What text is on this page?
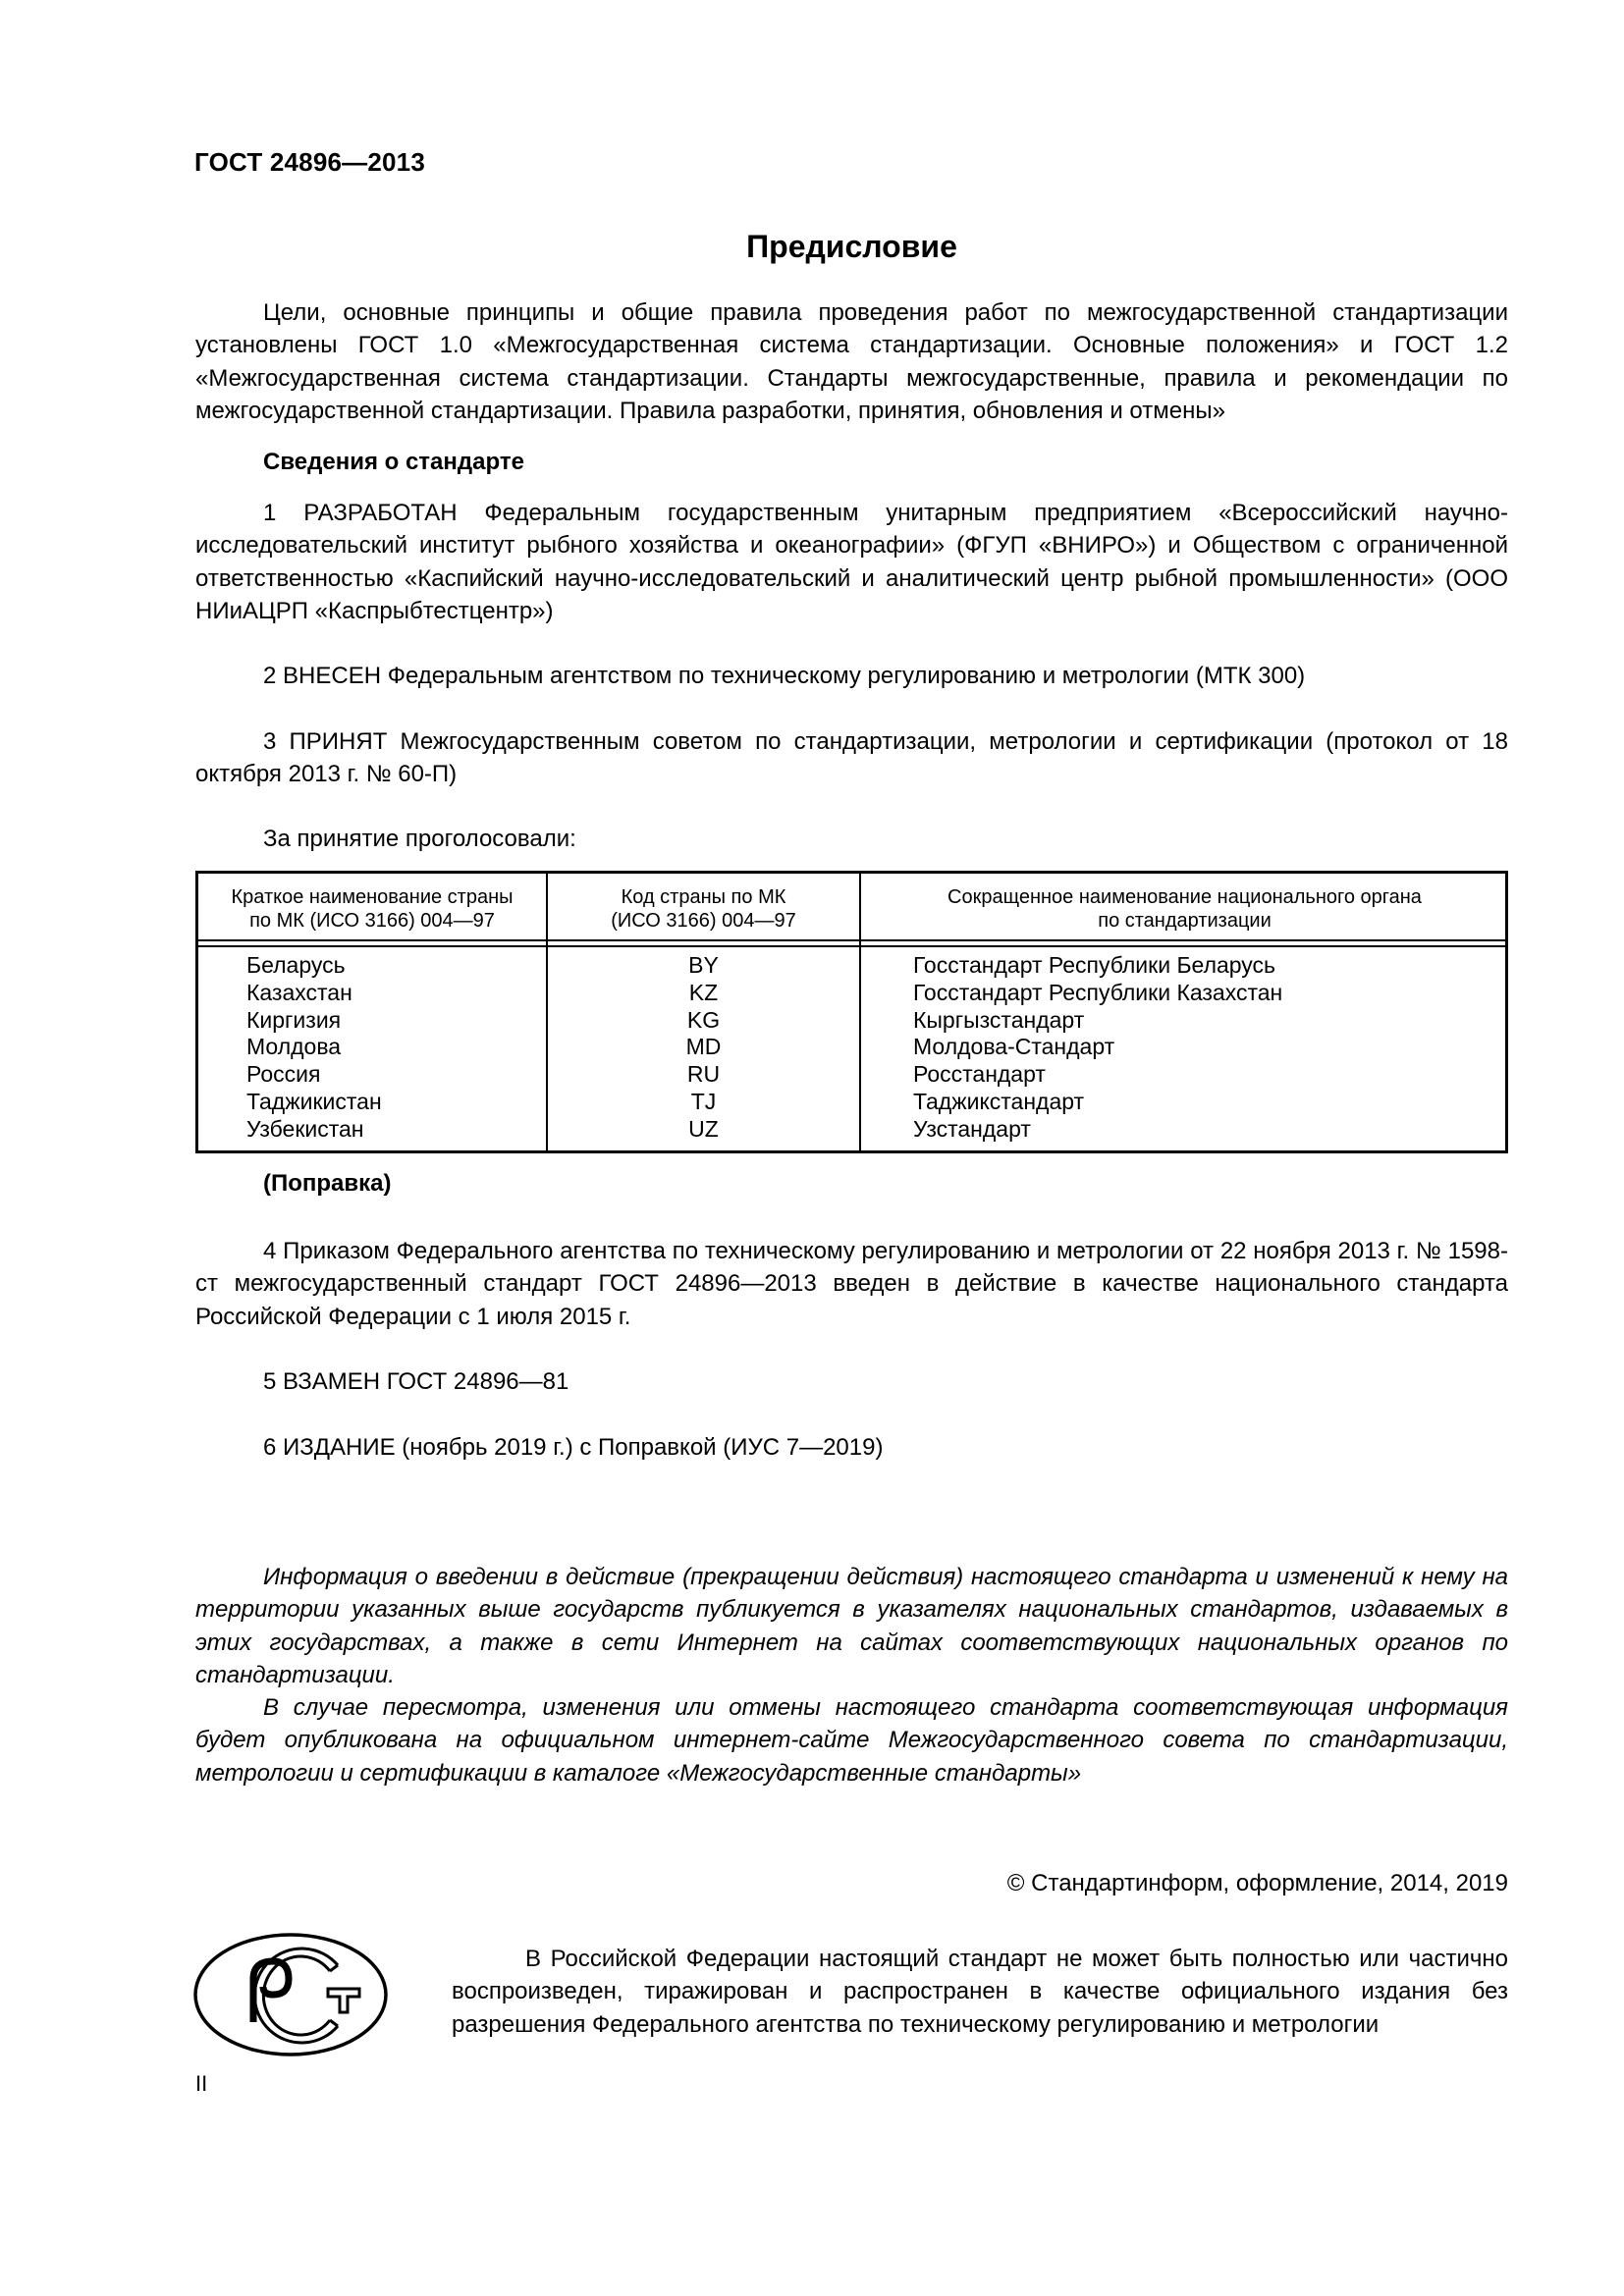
ГОСТ 24896—2013
Предисловие

Цели, основные принципы и общие правила проведения работ по межгосударственной стандартизации установлены ГОСТ 1.0 «Межгосударственная система стандартизации. Основные положения» и ГОСТ 1.2 «Межгосударственная система стандартизации. Стандарты межгосударственные, правила и рекомендации по межгосударственной стандартизации. Правила разработки, принятия, обновления и отмены»

Сведения о стандарте

1 РАЗРАБОТАН Федеральным государственным унитарным предприятием «Всероссийский научно-исследовательский институт рыбного хозяйства и океанографии» (ФГУП «ВНИРО») и Обществом с ограниченной ответственностью «Каспийский научно-исследовательский и аналитический центр рыбной промышленности» (ООО НИиАЦРП «Каспрыбтестцентр»)

2 ВНЕСЕН Федеральным агентством по техническому регулированию и метрологии (МТК 300)

3 ПРИНЯТ Межгосударственным советом по стандартизации, метрологии и сертификации (протокол от 18 октября 2013 г. № 60-П)

За принятие проголосовали:

Краткое наименование страны
по МК (ИСО 3166) 004—97
Код страны по МК
(ИСО 3166) 004—97
Сокращенное наименование национального органа
по стандартизации
Беларусь
Казахстан
Киргизия
Молдова
Россия
Таджикистан
Узбекистан
BY
KZ
KG
MD
RU
TJ
UZ
Госстандарт Республики Беларусь
Госстандарт Республики Казахстан
Кыргызстандарт
Молдова-Стандарт
Росстандарт
Таджикстандарт
Узстандарт
(Поправка)

4 Приказом Федерального агентства по техническому регулированию и метрологии от 22 ноября 2013 г. № 1598-ст межгосударственный стандарт ГОСТ 24896—2013 введен в действие в качестве национального стандарта Российской Федерации с 1 июля 2015 г.

5 ВЗАМЕН ГОСТ 24896—81

6 ИЗДАНИЕ (ноябрь 2019 г.) с Поправкой (ИУС 7—2019)

Информация о введении в действие (прекращении действия) настоящего стандарта и изменений к нему на территории указанных выше государств публикуется в указателях национальных стандартов, издаваемых в этих государствах, а также в сети Интернет на сайтах соответствующих национальных органов по стандартизации.

В случае пересмотра, изменения или отмены настоящего стандарта соответствующая информация будет опубликована на официальном интернет-сайте Межгосударственного совета по стандартизации, метрологии и сертификации в каталоге «Межгосударственные стандарты»

© Стандартинформ, оформление, 2014, 2019

В Российской Федерации настоящий стандарт не может быть полностью или частично воспроизведен, тиражирован и распространен в качестве официального издания без разрешения Федерального агентства по техническому регулированию и метрологии

II
